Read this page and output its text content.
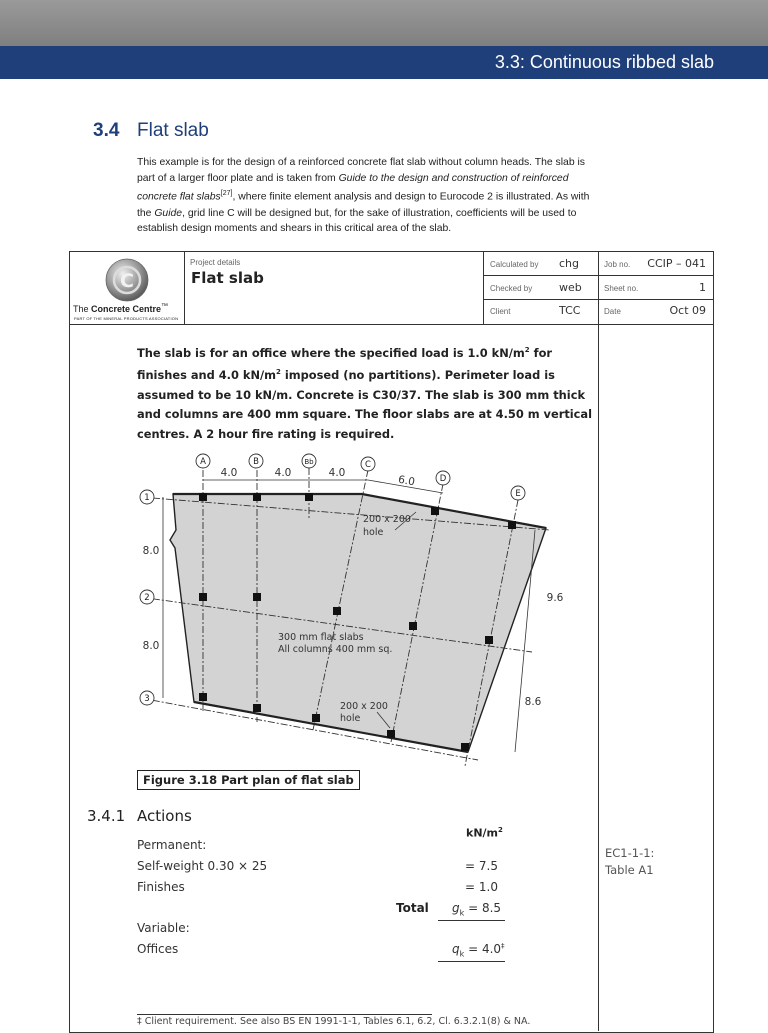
3.3: Continuous ribbed slab
3.4 Flat slab
This example is for the design of a reinforced concrete flat slab without column heads. The slab is part of a larger floor plate and is taken from Guide to the design and construction of reinforced concrete flat slabs[27], where finite element analysis and design to Eurocode 2 is illustrated. As with the Guide, grid line C will be designed but, for the sake of illustration, coefficients will be used to establish design moments and shears in this critical area of the slab.
C
The Concrete Centre™
PART OF THE MINERAL PRODUCTS ASSOCIATION
Project details
Flat slab
Calculated by chg
Checked by web
Client	TCC
Job no. CCIP – 041
Sheet no.	1
Date	Oct 09
The slab is for an office where the specified load is 1.0 $kN/m^2$ for finishes and 4.0 $kN/m^2$ imposed (no partitions). Perimeter load is assumed to be 10 kN/m. Concrete is C30/37. The slab is 300 mm thick and columns are 400 mm square. The floor slabs are at 4.50 m vertical centres. A 2 hour fire rating is required.
A	B	Bb	C
D
E
1
2
3
4.0	4.0	4.0
6.0
8.0
8.0
9.6
8.6
200 x 200
hole
300 mm flat slabs
All columns 400 mm sq.
200 x 200
hole
Figure 3.18 Part plan of flat slab
3.4.1 Actions
$kN/m^2$
Permanent:
Self-weight 0.30 × 25	= 7.5
Finishes	= 1.0
Total $g_k = 8.5$
Variable:
Offices	$q_k = 4.0^\ddagger$
EC1-1-1:
Table A1
‡ Client requirement. See also BS EN 1991-1-1, Tables 6.1, 6.2, Cl. 6.3.2.1(8) & NA.
